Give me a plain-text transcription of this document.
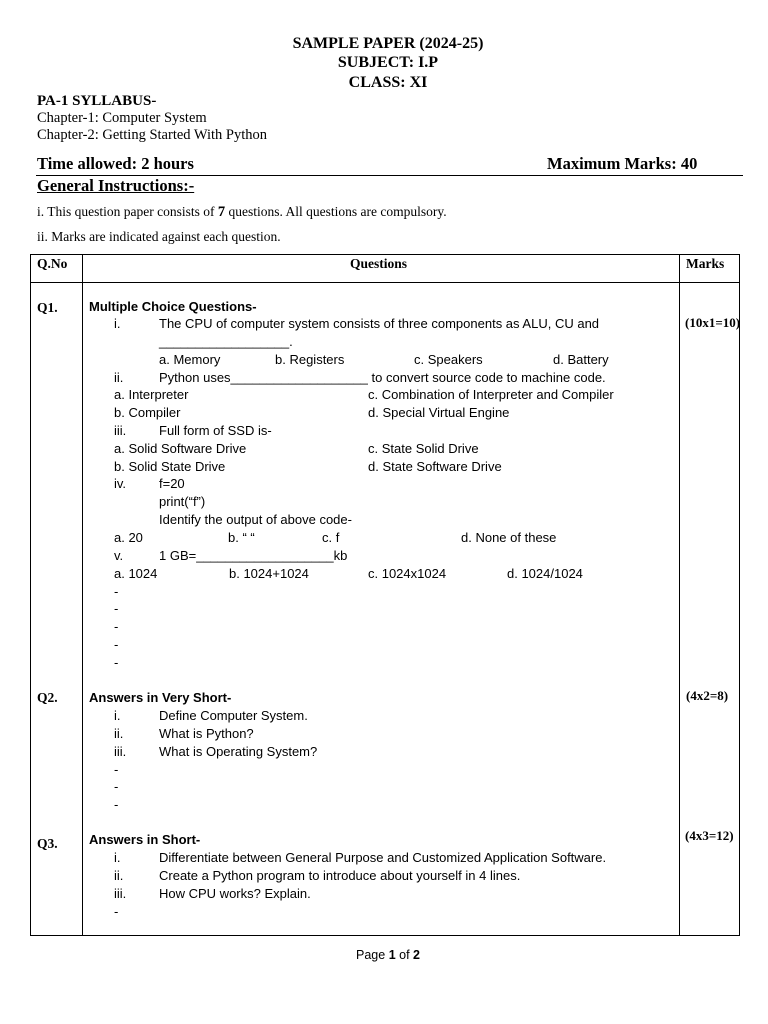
SAMPLE PAPER (2024-25)
SUBJECT: I.P
CLASS: XI
PA-1 SYLLABUS-
Chapter-1: Computer System
Chapter-2: Getting Started With Python
Time allowed: 2 hours	Maximum Marks: 40
General Instructions:-
i. This question paper consists of 7 questions. All questions are compulsory.
ii. Marks are indicated against each question.
Q.No	Questions	Marks
Q1. Multiple Choice Questions-
(10x1=10)
i.	The CPU of computer system consists of three components as ALU, CU and
__________________.
a. Memory	b. Registers	c. Speakers	d. Battery
ii.	Python uses___________________ to convert source code to machine code.
a. Interpreter	c. Combination of Interpreter and Compiler
b. Compiler	d. Special Virtual Engine
iii.	Full form of SSD is-
a. Solid Software Drive	c. State Solid Drive
b. Solid State Drive	d. State Software Drive
iv.	f=20
print(“f”)
Identify the output of above code-
a. 20	b. “ “	c. f	d. None of these
v.	1 GB=___________________kb
a. 1024	b. 1024+1024	c. 1024x1024	d. 1024/1024
-
-
-
-
-
Q2. Answers in Very Short-	(4x2=8)
i.	Define Computer System.
ii.	What is Python?
iii.	What is Operating System?
-
-
-
Q3. Answers in Short-	(4x3=12)
i.	Differentiate between General Purpose and Customized Application Software.
ii.	Create a Python program to introduce about yourself in 4 lines.
iii.	How CPU works? Explain.
-
Page 1 of 2
